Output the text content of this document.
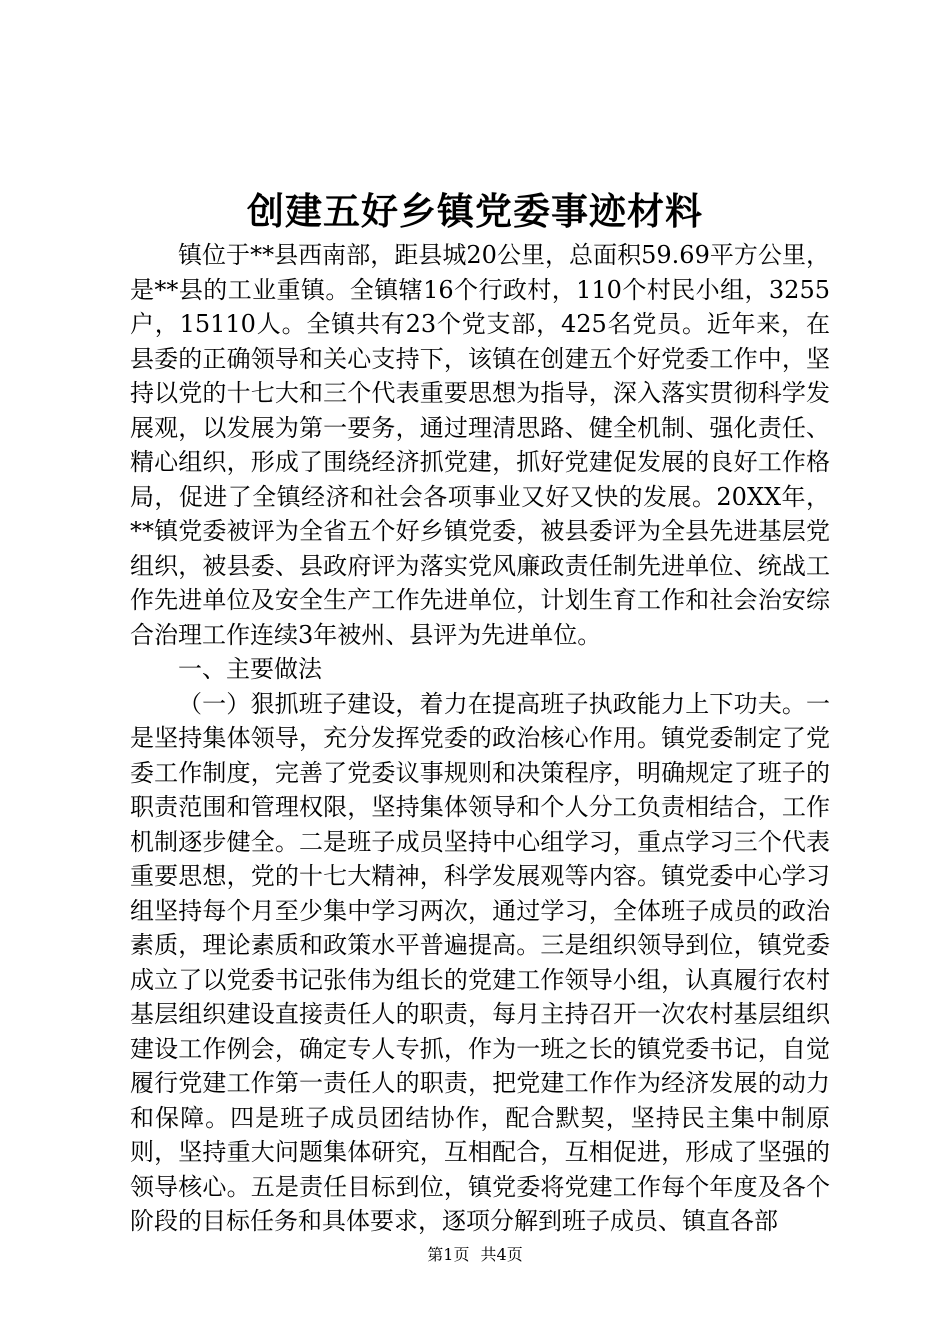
创建五好乡镇党委事迹材料

镇位于**县西南部，距县城20公里，总面积59.69平方公里，是**县的工业重镇。全镇辖16个行政村，110个村民小组，3255户，15110人。全镇共有23个党支部，425名党员。近年来，在县委的正确领导和关心支持下，该镇在创建五个好党委工作中，坚持以党的十七大和三个代表重要思想为指导，深入落实贯彻科学发展观，以发展为第一要务，通过理清思路、健全机制、强化责任、精心组织，形成了围绕经济抓党建，抓好党建促发展的良好工作格局，促进了全镇经济和社会各项事业又好又快的发展。20XX年，**镇党委被评为全省五个好乡镇党委，被县委评为全县先进基层党组织，被县委、县政府评为落实党风廉政责任制先进单位、统战工作先进单位及安全生产工作先进单位，计划生育工作和社会治安综合治理工作连续3年被州、县评为先进单位。

一、主要做法

（一）狠抓班子建设，着力在提高班子执政能力上下功夫。一是坚持集体领导，充分发挥党委的政治核心作用。镇党委制定了党委工作制度，完善了党委议事规则和决策程序，明确规定了班子的职责范围和管理权限，坚持集体领导和个人分工负责相结合，工作机制逐步健全。二是班子成员坚持中心组学习，重点学习三个代表重要思想，党的十七大精神，科学发展观等内容。镇党委中心学习组坚持每个月至少集中学习两次，通过学习，全体班子成员的政治素质，理论素质和政策水平普遍提高。三是组织领导到位，镇党委成立了以党委书记张伟为组长的党建工作领导小组，认真履行农村基层组织建设直接责任人的职责，每月主持召开一次农村基层组织建设工作例会，确定专人专抓，作为一班之长的镇党委书记，自觉履行党建工作第一责任人的职责，把党建工作作为经济发展的动力和保障。四是班子成员团结协作，配合默契，坚持民主集中制原则，坚持重大问题集体研究，互相配合，互相促进，形成了坚强的领导核心。五是责任目标到位，镇党委将党建工作每个年度及各个阶段的目标任务和具体要求，逐项分解到班子成员、镇直各部

第1页 共4页
